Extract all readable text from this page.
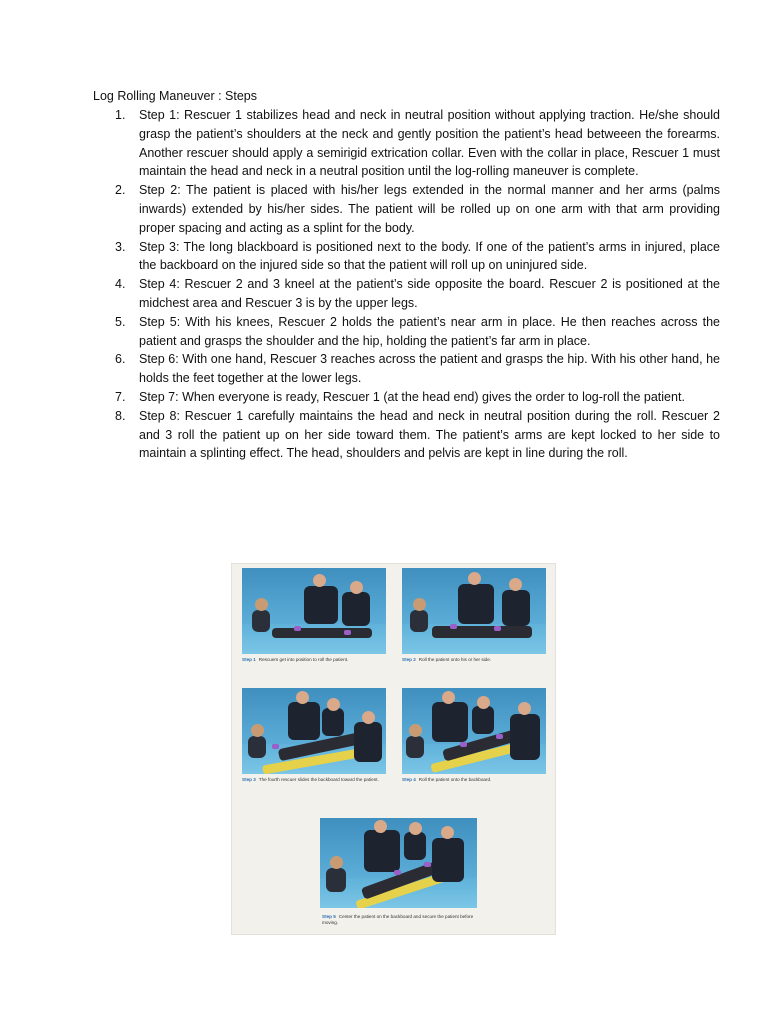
Log Rolling Maneuver : Steps
1. Step 1: Rescuer 1 stabilizes head and neck in neutral position without applying traction. He/she should grasp the patient’s shoulders at the neck and gently position the patient’s head betweeen the forearms. Another rescuer should apply a semirigid extrication collar. Even with the collar in place, Rescuer 1 must maintain the head and neck in a neutral position until the log-rolling maneuver is complete.
2. Step 2: The patient is placed with his/her legs extended in the normal manner and her arms (palms inwards) extended by his/her sides. The patient will be rolled up on one arm with that arm providing proper spacing and acting as a splint for the body.
3. Step 3: The long blackboard is positioned next to the body. If one of the patient’s arms in injured, place the backboard on the injured side so that the patient will roll up on uninjured side.
4. Step 4: Rescuer 2 and 3 kneel at the patient’s side opposite the board. Rescuer 2 is positioned at the midchest area and Rescuer 3 is by the upper legs.
5. Step 5: With his knees, Rescuer 2 holds the patient’s near arm in place. He then reaches across the patient and grasps the shoulder and the hip, holding the patient’s far arm in place.
6. Step 6: With one hand, Rescuer 3 reaches across the patient and grasps the hip. With his other hand, he holds the feet together at the lower legs.
7. Step 7: When everyone is ready, Rescuer 1 (at the head end) gives the order to log-roll the patient.
8. Step 8: Rescuer 1 carefully maintains the head and neck in neutral position during the roll. Rescuer 2 and 3 roll the patient up on her side toward them. The patient’s arms are kept locked to her side to maintain a splinting effect. The head, shoulders and pelvis are kept in line during the roll.
Step 1 Rescuers get into position to roll the patient.	Step 2 Roll the patient onto his or her side.
Step 3 The fourth rescuer slides the backboard toward the patient.	Step 4 Roll the patient onto the backboard.
Step 5 Center the patient on the backboard and secure the patient before moving.
